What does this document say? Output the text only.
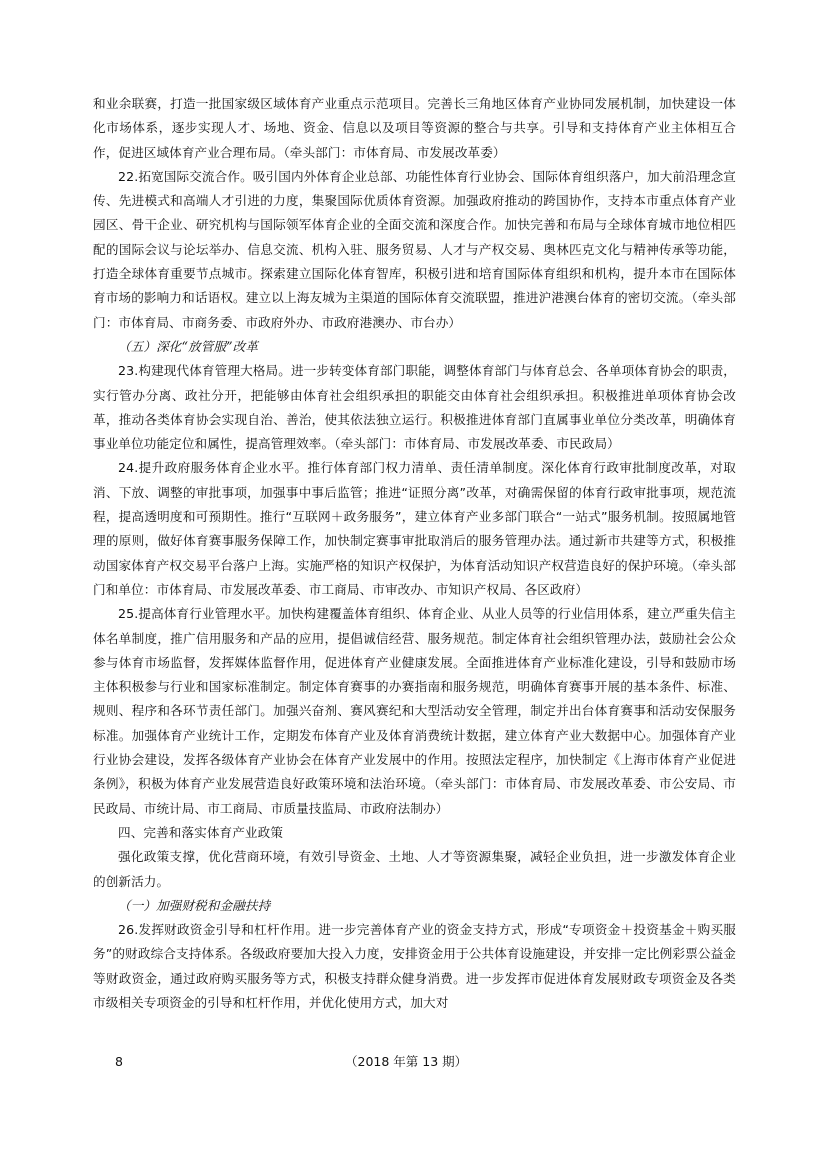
和业余联赛，打造一批国家级区域体育产业重点示范项目。完善长三角地区体育产业协同发展机制，加快建设一体化市场体系，逐步实现人才、场地、资金、信息以及项目等资源的整合与共享。引导和支持体育产业主体相互合作，促进区域体育产业合理布局。（牵头部门：市体育局、市发展改革委）

22.拓宽国际交流合作。吸引国内外体育企业总部、功能性体育行业协会、国际体育组织落户，加大前沿理念宣传、先进模式和高端人才引进的力度，集聚国际优质体育资源。加强政府推动的跨国协作，支持本市重点体育产业园区、骨干企业、研究机构与国际领军体育企业的全面交流和深度合作。加快完善和布局与全球体育城市地位相匹配的国际会议与论坛举办、信息交流、机构入驻、服务贸易、人才与产权交易、奥林匹克文化与精神传承等功能，打造全球体育重要节点城市。探索建立国际化体育智库，积极引进和培育国际体育组织和机构，提升本市在国际体育市场的影响力和话语权。建立以上海友城为主渠道的国际体育交流联盟，推进沪港澳台体育的密切交流。（牵头部门：市体育局、市商务委、市政府外办、市政府港澳办、市台办）

（五）深化“放管服”改革

23.构建现代体育管理大格局。进一步转变体育部门职能，调整体育部门与体育总会、各单项体育协会的职责，实行管办分离、政社分开，把能够由体育社会组织承担的职能交由体育社会组织承担。积极推进单项体育协会改革，推动各类体育协会实现自治、善治，使其依法独立运行。积极推进体育部门直属事业单位分类改革，明确体育事业单位功能定位和属性，提高管理效率。（牵头部门：市体育局、市发展改革委、市民政局）

24.提升政府服务体育企业水平。推行体育部门权力清单、责任清单制度。深化体育行政审批制度改革，对取消、下放、调整的审批事项，加强事中事后监管；推进“证照分离”改革，对确需保留的体育行政审批事项，规范流程，提高透明度和可预期性。推行“互联网＋政务服务”，建立体育产业多部门联合“一站式”服务机制。按照属地管理的原则，做好体育赛事服务保障工作，加快制定赛事审批取消后的服务管理办法。通过新市共建等方式，积极推动国家体育产权交易平台落户上海。实施严格的知识产权保护，为体育活动知识产权营造良好的保护环境。（牵头部门和单位：市体育局、市发展改革委、市工商局、市审改办、市知识产权局、各区政府）

25.提高体育行业管理水平。加快构建覆盖体育组织、体育企业、从业人员等的行业信用体系，建立严重失信主体名单制度，推广信用服务和产品的应用，提倡诚信经营、服务规范。制定体育社会组织管理办法，鼓励社会公众参与体育市场监督，发挥媒体监督作用，促进体育产业健康发展。全面推进体育产业标准化建设，引导和鼓励市场主体积极参与行业和国家标准制定。制定体育赛事的办赛指南和服务规范，明确体育赛事开展的基本条件、标准、规则、程序和各环节责任部门。加强兴奋剂、赛风赛纪和大型活动安全管理，制定并出台体育赛事和活动安保服务标准。加强体育产业统计工作，定期发布体育产业及体育消费统计数据，建立体育产业大数据中心。加强体育产业行业协会建设，发挥各级体育产业协会在体育产业发展中的作用。按照法定程序，加快制定《上海市体育产业促进条例》，积极为体育产业发展营造良好政策环境和法治环境。（牵头部门：市体育局、市发展改革委、市公安局、市民政局、市统计局、市工商局、市质量技监局、市政府法制办）

四、完善和落实体育产业政策

强化政策支撑，优化营商环境，有效引导资金、土地、人才等资源集聚，减轻企业负担，进一步激发体育企业的创新活力。

（一）加强财税和金融扶持

26.发挥财政资金引导和杠杆作用。进一步完善体育产业的资金支持方式，形成“专项资金＋投资基金＋购买服务”的财政综合支持体系。各级政府要加大投入力度，安排资金用于公共体育设施建设，并安排一定比例彩票公益金等财政资金，通过政府购买服务等方式，积极支持群众健身消费。进一步发挥市促进体育发展财政专项资金及各类市级相关专项资金的引导和杠杆作用，并优化使用方式，加大对

8	（2018 年第 13 期）
